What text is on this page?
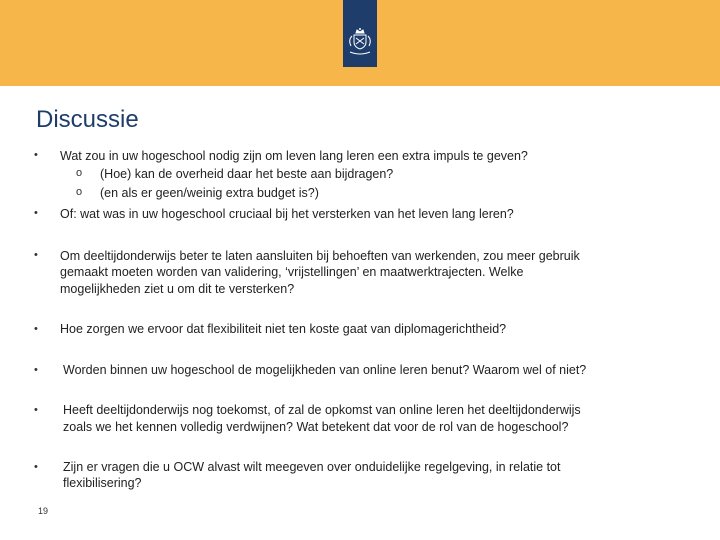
Discussie
• Wat zou in uw hogeschool nodig zijn om leven lang leren een extra impuls te geven?
o (Hoe) kan de overheid daar het beste aan bijdragen?
o (en als er geen/weinig extra budget is?)
• Of: wat was in uw hogeschool cruciaal bij het versterken van het leven lang leren?
• Om deeltijdonderwijs beter te laten aansluiten bij behoeften van werkenden, zou meer gebruik
gemaakt moeten worden van validering, ‘vrijstellingen’ en maatwerktrajecten. Welke
mogelijkheden ziet u om dit te versterken?
• Hoe zorgen we ervoor dat flexibiliteit niet ten koste gaat van diplomagerichtheid?
• Worden binnen uw hogeschool de mogelijkheden van online leren benut? Waarom wel of niet?
• Heeft deeltijdonderwijs nog toekomst, of zal de opkomst van online leren het deeltijdonderwijs
zoals we het kennen volledig verdwijnen? Wat betekent dat voor de rol van de hogeschool?
• Zijn er vragen die u OCW alvast wilt meegeven over onduidelijke regelgeving, in relatie tot
flexibilisering?
19
